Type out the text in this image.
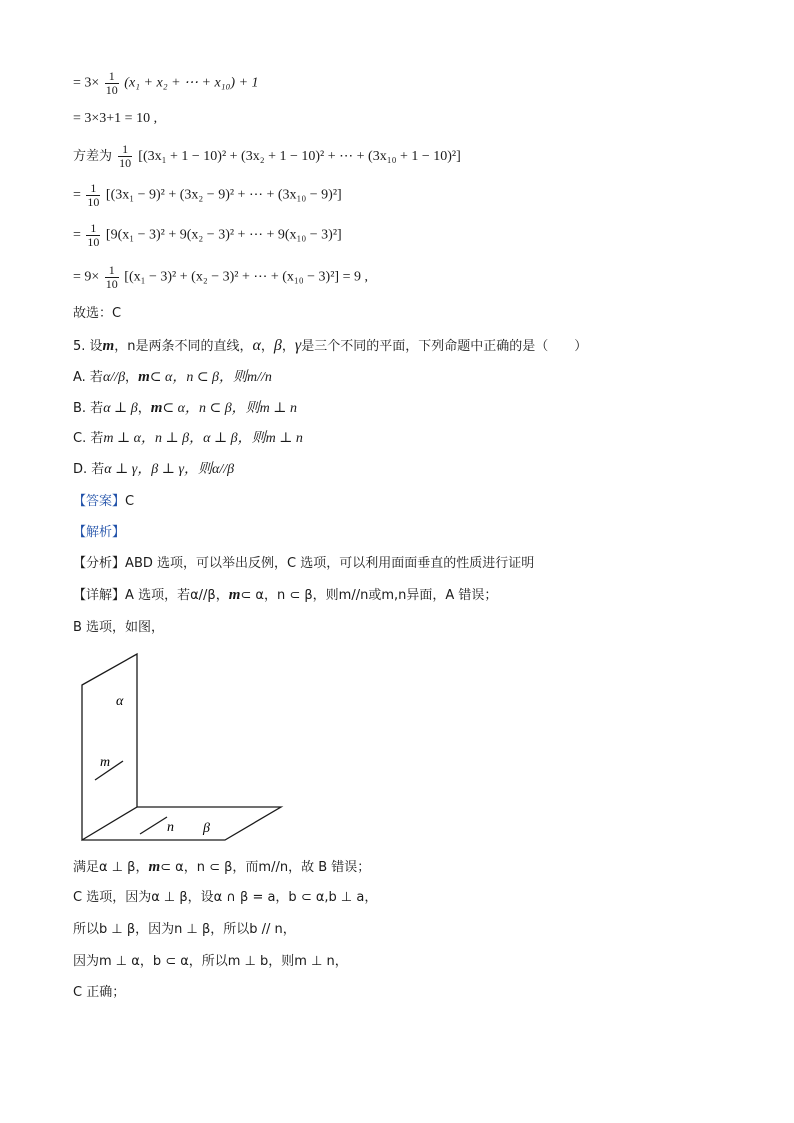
= $3\times \frac{1}{10} (x_1 + x_2$ + ⋯ + x₁₀) + 1
= 3×3+1 = 10 ,
方差为 $\frac{1}{10} [(3x_1 + 1 - 10)^2 + (3x_2 + 1 - 10)^2$ + ⋯ + (3x₁₀ + 1 − 10)²]
= $\frac{1}{10} [(3x_1 - 9)^2 + (3x_2 - 9)^2$ + ⋯ + (3x₁₀ − 9)²]
= $\frac{1}{10} [9(x_1 - 3)^2 + 9(x_2 - 3)^2$ + ⋯ + 9(x₁₀ − 3)²]
= $9\times \frac{1}{10} [(x_1 - 3)^2 + (x_2 - 3)^2$ + ⋯ + (x₁₀ − 3)²] = 9 ,
故选：C
5. 设m，n是两条不同的直线，α，β，γ是三个不同的平面，下列命题中正确的是（　　）
A. 若α//β，m⊂ α，n ⊂ β，则m//n
B. 若α ⊥ β，m⊂ α，n ⊂ β，则m ⊥ n
C. 若m ⊥ α，n ⊥ β，α ⊥ β，则m ⊥ n
D. 若α ⊥ γ，β ⊥ γ，则α//β
【答案】C
【解析】
【分析】ABD 选项，可以举出反例，C 选项，可以利用面面垂直的性质进行证明
【详解】A 选项，若α//β，m⊂ α，n ⊂ β，则m//n或m,n异面，A 错误；
B 选项，如图，
α
m
n β
满足α ⊥ β，m⊂ α，n ⊂ β，而m//n，故 B 错误；
C 选项，因为α ⊥ β，设α ∩ β = a，b ⊂ α,b ⊥ a，
所以b ⊥ β，因为n ⊥ β，所以b // n，
因为m ⊥ α，b ⊂ α，所以m ⊥ b，则m ⊥ n，
C 正确；
